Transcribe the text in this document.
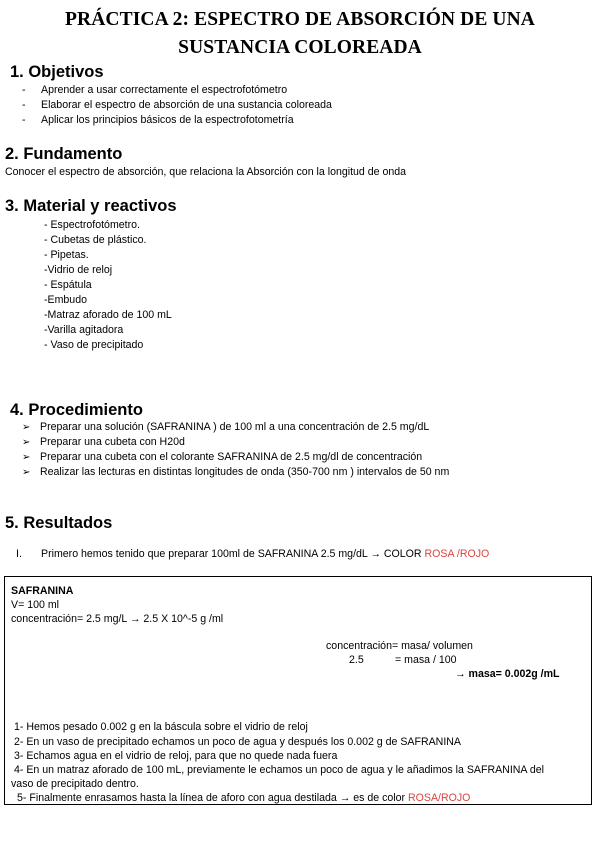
PRÁCTICA 2: ESPECTRO DE ABSORCIÓN DE UNA
SUSTANCIA COLOREADA
1. Objetivos
- Aprender a usar correctamente el espectrofotómetro
- Elaborar el espectro de absorción de una sustancia coloreada
- Aplicar los principios básicos de la espectrofotometría
2. Fundamento
Conocer el espectro de absorción, que relaciona la Absorción con la longitud de onda
3. Material y reactivos
- Espectrofotómetro.
- Cubetas de plástico.
- Pipetas.
-Vidrio de reloj
- Espátula
-Embudo
-Matraz aforado de 100 mL
-Varilla agitadora
- Vaso de precipitado
4. Procedimiento
➢ Preparar una solución (SAFRANINA ) de 100 ml a una concentración de 2.5 mg/dL
➢ Preparar una cubeta con H20d
➢ Preparar una cubeta con el colorante SAFRANINA de 2.5 mg/dl de concentración
➢ Realizar las lecturas en distintas longitudes de onda (350-700 nm ) intervalos de 50 nm
5. Resultados
I. Primero hemos tenido que preparar 100ml de SAFRANINA 2.5 mg/dL → COLOR ROSA /ROJO
SAFRANINA
V= 100 ml
concentración= 2.5 mg/L → 2.5 X 10^-5 g /ml
concentración= masa/ volumen
2.5	= masa / 100
→ masa= 0.002g /mL
1- Hemos pesado 0.002 g en la báscula sobre el vidrio de reloj
2- En un vaso de precipitado echamos un poco de agua y después los 0.002 g de SAFRANINA
3- Echamos agua en el vidrio de reloj, para que no quede nada fuera
4- En un matraz aforado de 100 mL, previamente le echamos un poco de agua y le añadimos la SAFRANINA del
vaso de precipitado dentro.
5- Finalmente enrasamos hasta la línea de aforo con agua destilada → es de color ROSA/ROJO
